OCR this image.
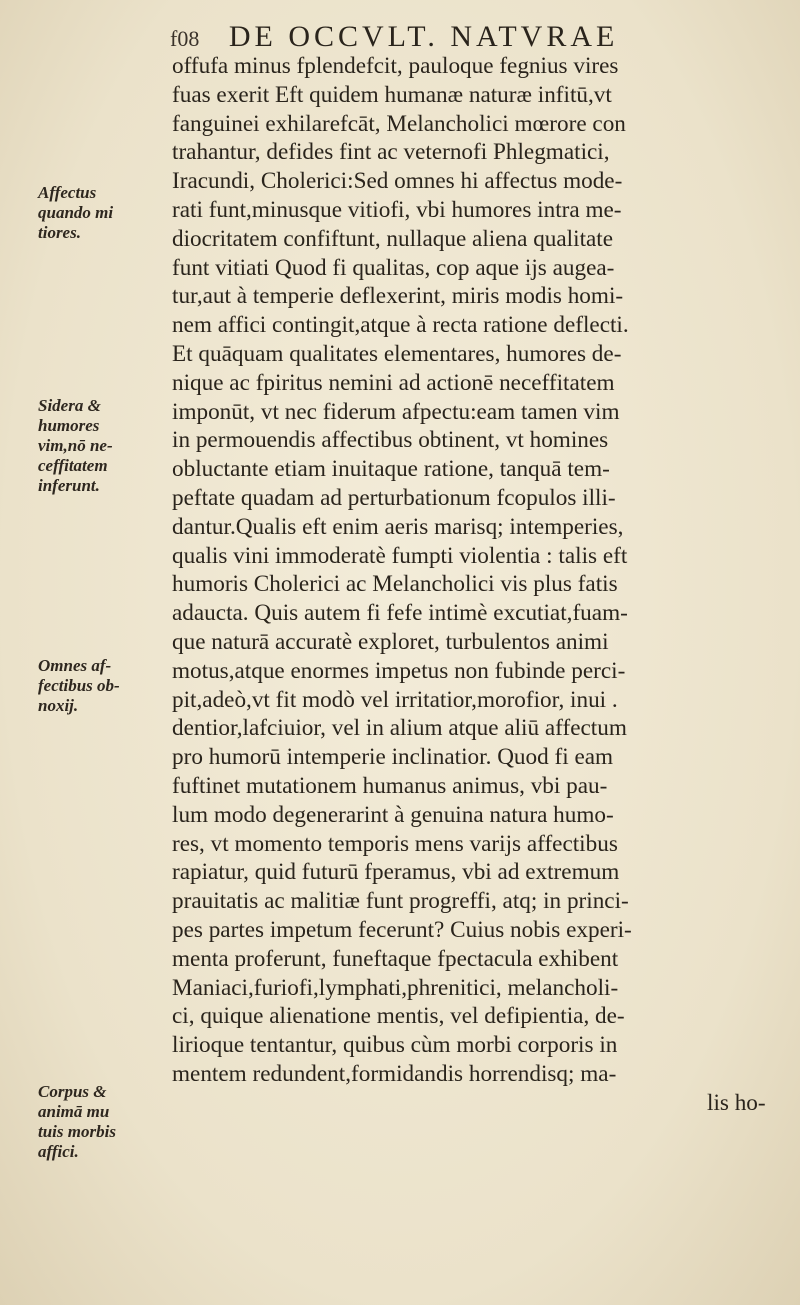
f08 DE OCCVLT. NATVRAE
offufa minus fplendefcit, pauloque fegnius vires
fuas exerit Eft quidem humanæ naturæ infitū,vt
fanguinei exhilarefcāt, Melancholici mœrore con
trahantur, defides fint ac veternofi Phlegmatici,
Iracundi, Cholerici:Sed omnes hi affectus mode-
rati funt,minusque vitiofi, vbi humores intra me-
diocritatem confiftunt, nullaque aliena qualitate
funt vitiati Quod fi qualitas, cop aque ijs augea-
tur,aut à temperie deflexerint, miris modis homi-
nem affici contingit,atque à recta ratione deflecti.
Et quāquam qualitates elementares, humores de-
nique ac fpiritus nemini ad actionē neceffitatem
imponūt, vt nec fiderum afpectu:eam tamen vim
in permouendis affectibus obtinent, vt homines
obluctante etiam inuitaque ratione, tanquā tem-
peftate quadam ad perturbationum fcopulos illi-
dantur.Qualis eft enim aeris marisq; intemperies,
qualis vini immoderatè fumpti violentia : talis eft
humoris Cholerici ac Melancholici vis plus fatis
adaucta. Quis autem fi fefe intimè excutiat,fuam-
que naturā accuratè exploret, turbulentos animi
motus,atque enormes impetus non fubinde perci-
pit,adeò,vt fit modò vel irritatior,morofior, inui .
dentior,lafciuior, vel in alium atque aliū affectum
pro humorū intemperie inclinatior. Quod fi eam
fuftinet mutationem humanus animus, vbi pau-
lum modo degenerarint à genuina natura humo-
res, vt momento temporis mens varijs affectibus
rapiatur, quid futurū fperamus, vbi ad extremum
prauitatis ac malitiæ funt progreffi, atq; in princi-
pes partes impetum fecerunt? Cuius nobis experi-
menta proferunt, funeftaque fpectacula exhibent
Maniaci,furiofi,lymphati,phrenitici, melancholi-
ci, quique alienatione mentis, vel defipientia, de-
lirioque tentantur, quibus cùm morbi corporis in
mentem redundent,formidandis horrendisq; ma-
lis ho-
Affectus
quando mi
tiores.
Sidera &
humores
vim,nō ne-
ceffitatem
inferunt.
Omnes af-
fectibus ob-
noxij.
Corpus &
animā mu
tuis morbis
affici.
